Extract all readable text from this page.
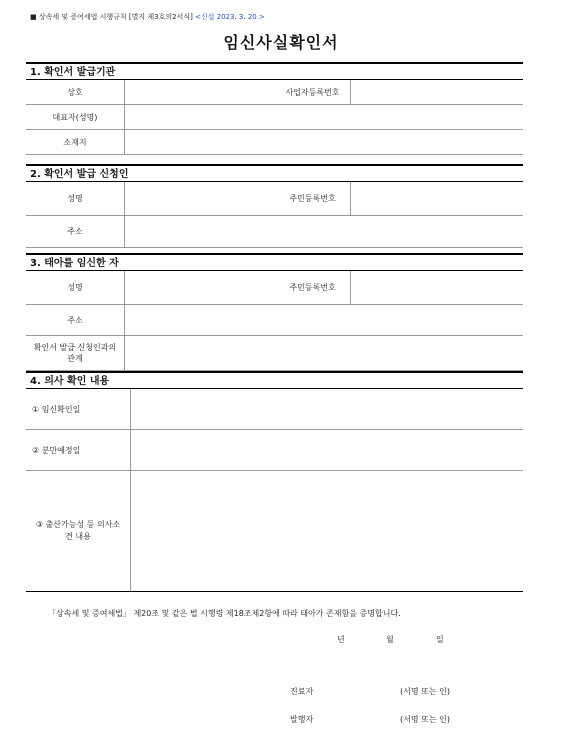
■ 상속세 및 증여세법 시행규칙 [별지 제3호의2서식] <신설 2023. 3. 20.>
임신사실확인서
1. 확인서 발급기관
상호		사업자등록번호	
대표자(성명)			
소재지			
2. 확인서 발급 신청인
성명		주민등록번호	
주소			
3. 태아를 임신한 자
성명		주민등록번호	
주소			
확인서 발급 신청인과의 관계			
4. 의사 확인 내용
① 임신확인일	
② 분만예정일	
③ 출산가능성 등 의사소견 내용	
「상속세 및 증여세법」 제20조 및 같은 법 시행령 제18조제2항에 따라 태아가 존재함을 증명합니다.
년	월	일
진료자	(서명 또는 인)
발행자	(서명 또는 인)
